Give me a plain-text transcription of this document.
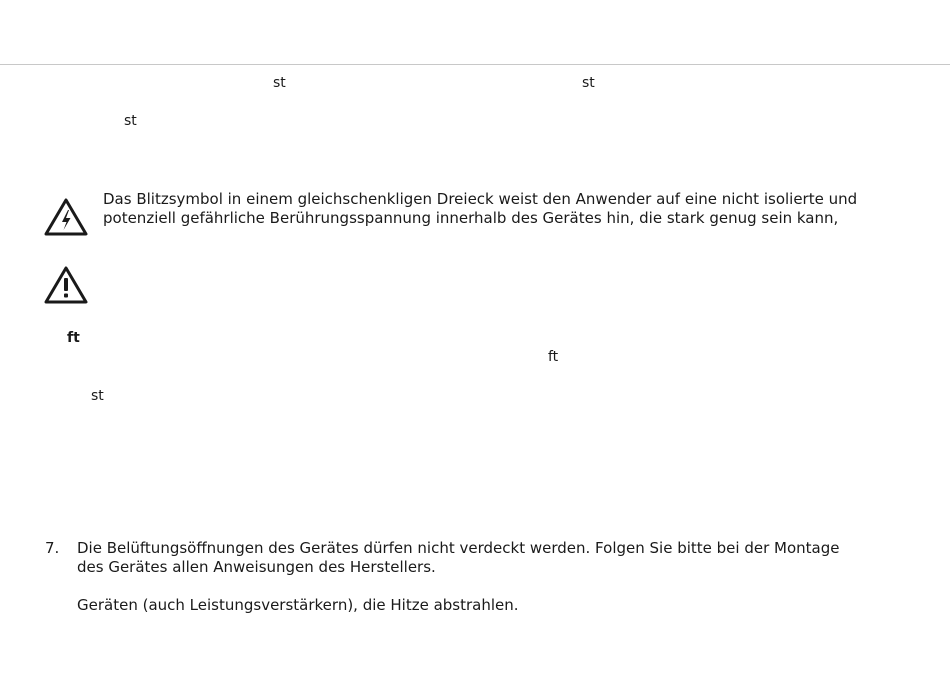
st	st
st
Das Blitzsymbol in einem gleichschenkligen Dreieck weist den Anwender auf eine nicht isolierte und
potenziell gefährliche Berührungsspannung innerhalb des Gerätes hin, die stark genug sein kann,
ft
ft
st
7. Die Belüftungsöffnungen des Gerätes dürfen nicht verdeckt werden. Folgen Sie bitte bei der Montage
des Gerätes allen Anweisungen des Herstellers.
Geräten (auch Leistungsverstärkern), die Hitze abstrahlen.
